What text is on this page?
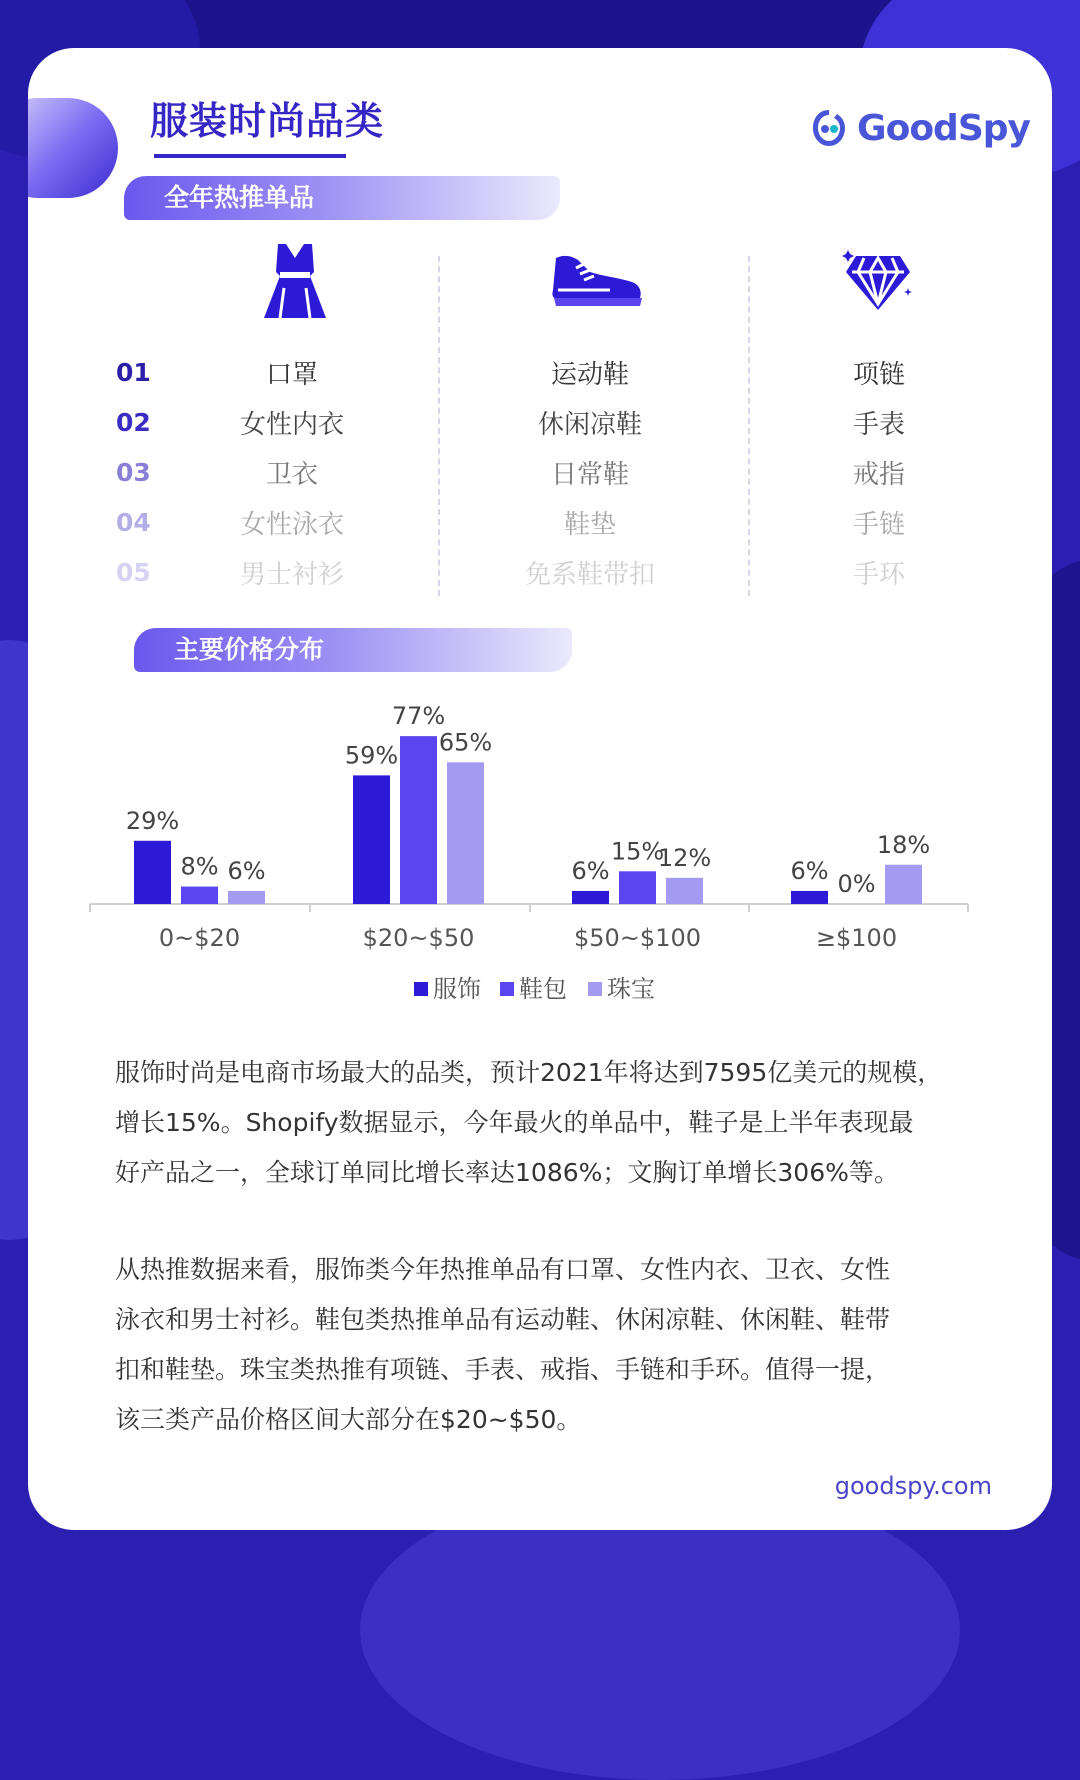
服装时尚品类	GoodSpy
全年热推单品
01
02
03
04
05
口罩
女性内衣
卫衣
女性泳衣
男士衬衫
运动鞋
休闲凉鞋
日常鞋
鞋垫
免系鞋带扣
项链
手表
戒指
手链
手环
主要价格分布
29%
8% 6%
0~$20
59%
77%
65%
$20~$50
6%
15%
12%
$50~$100
6% 0%
18%
≥$100
服饰 鞋包 珠宝
服饰时尚是电商市场最大的品类，预计2021年将达到7595亿美元的规模，
增长15%。Shopify数据显示，今年最火的单品中，鞋子是上半年表现最
好产品之一，全球订单同比增长率达1086%；文胸订单增长306%等。
从热推数据来看，服饰类今年热推单品有口罩、女性内衣、卫衣、女性
泳衣和男士衬衫。鞋包类热推单品有运动鞋、休闲凉鞋、休闲鞋、鞋带
扣和鞋垫。珠宝类热推有项链、手表、戒指、手链和手环。值得一提，
该三类产品价格区间大部分在$20~$50。
goodspy.com
